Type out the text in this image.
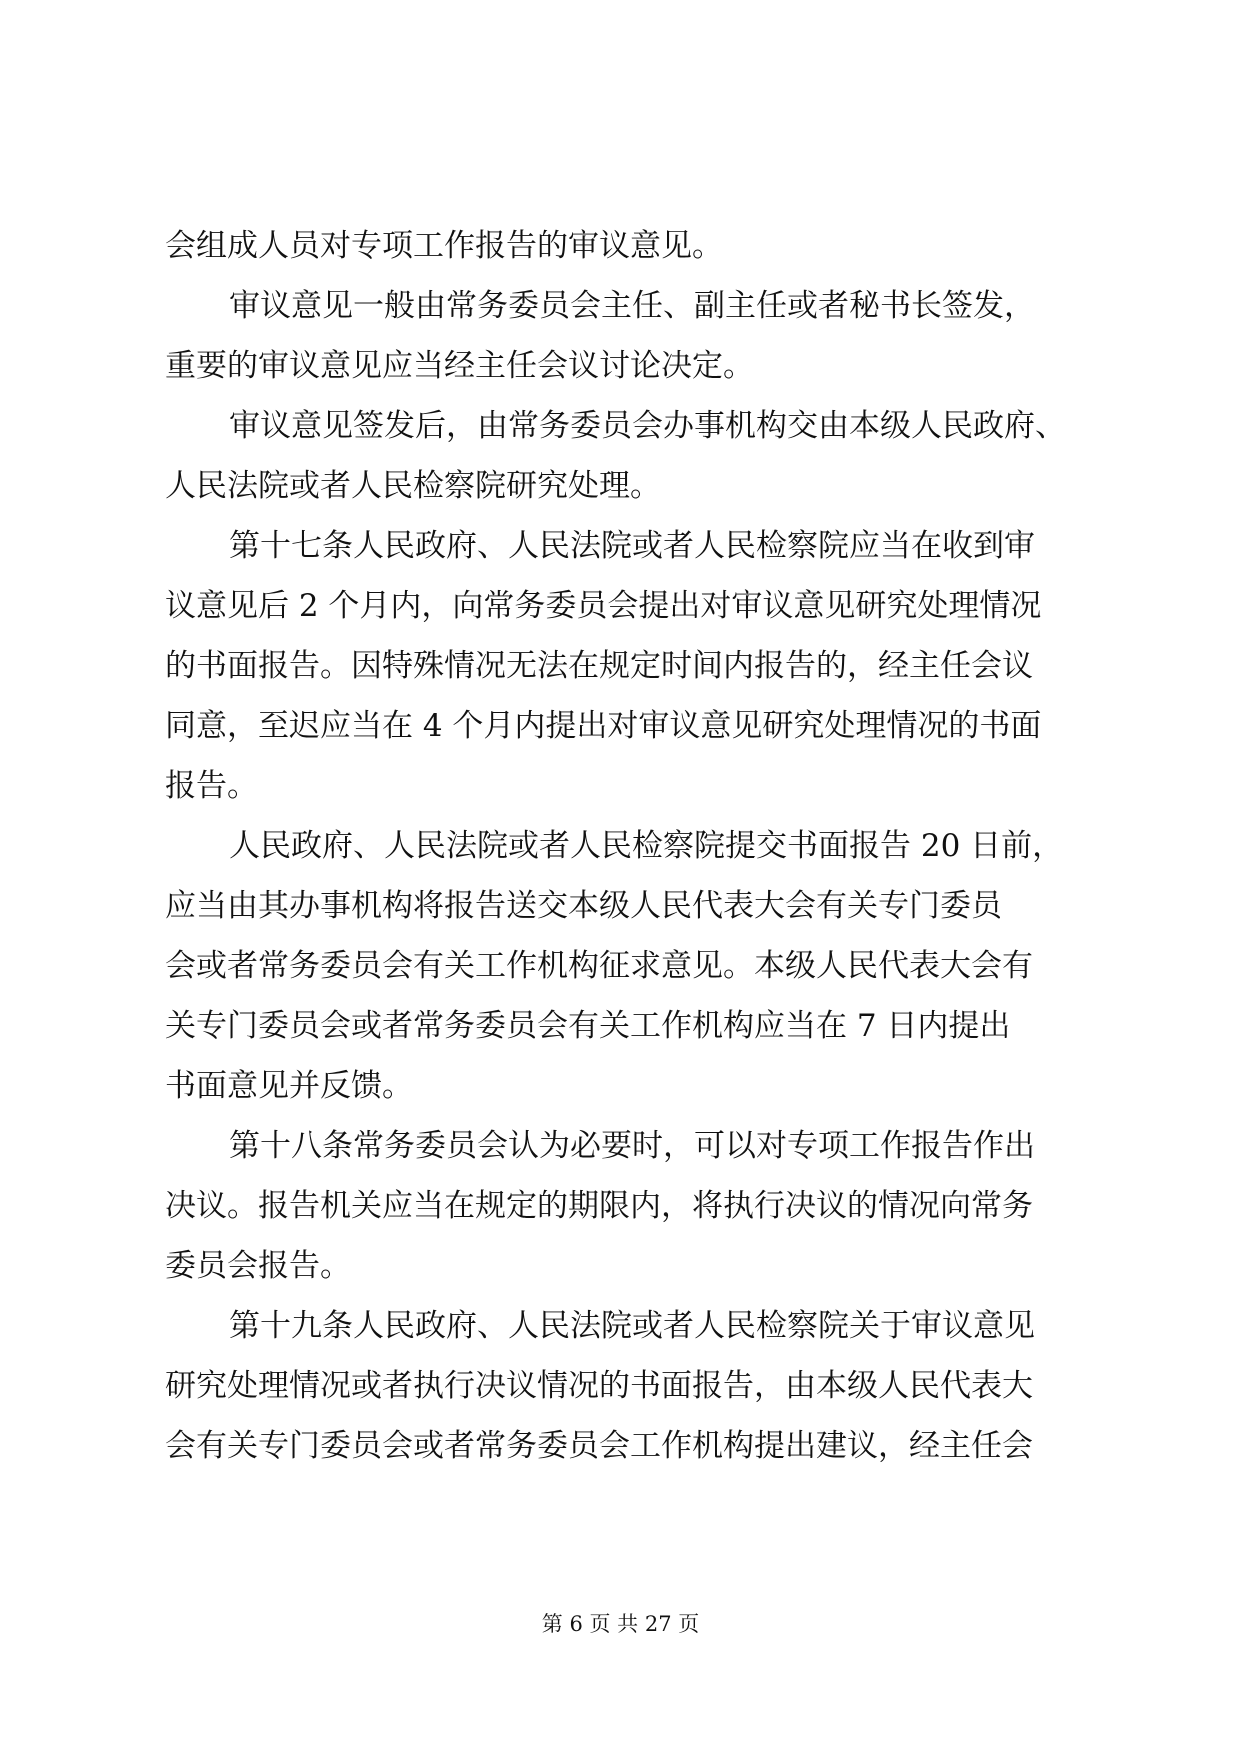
会组成人员对专项工作报告的审议意见。
审议意见一般由常务委员会主任、副主任或者秘书长签发，
重要的审议意见应当经主任会议讨论决定。
审议意见签发后，由常务委员会办事机构交由本级人民政府、
人民法院或者人民检察院研究处理。
第十七条人民政府、人民法院或者人民检察院应当在收到审
议意见后 2 个月内，向常务委员会提出对审议意见研究处理情况
的书面报告。因特殊情况无法在规定时间内报告的，经主任会议
同意，至迟应当在 4 个月内提出对审议意见研究处理情况的书面
报告。
人民政府、人民法院或者人民检察院提交书面报告 20 日前，
应当由其办事机构将报告送交本级人民代表大会有关专门委员
会或者常务委员会有关工作机构征求意见。本级人民代表大会有
关专门委员会或者常务委员会有关工作机构应当在 7 日内提出
书面意见并反馈。
第十八条常务委员会认为必要时，可以对专项工作报告作出
决议。报告机关应当在规定的期限内，将执行决议的情况向常务
委员会报告。
第十九条人民政府、人民法院或者人民检察院关于审议意见
研究处理情况或者执行决议情况的书面报告，由本级人民代表大
会有关专门委员会或者常务委员会工作机构提出建议，经主任会
第 6 页 共 27 页
